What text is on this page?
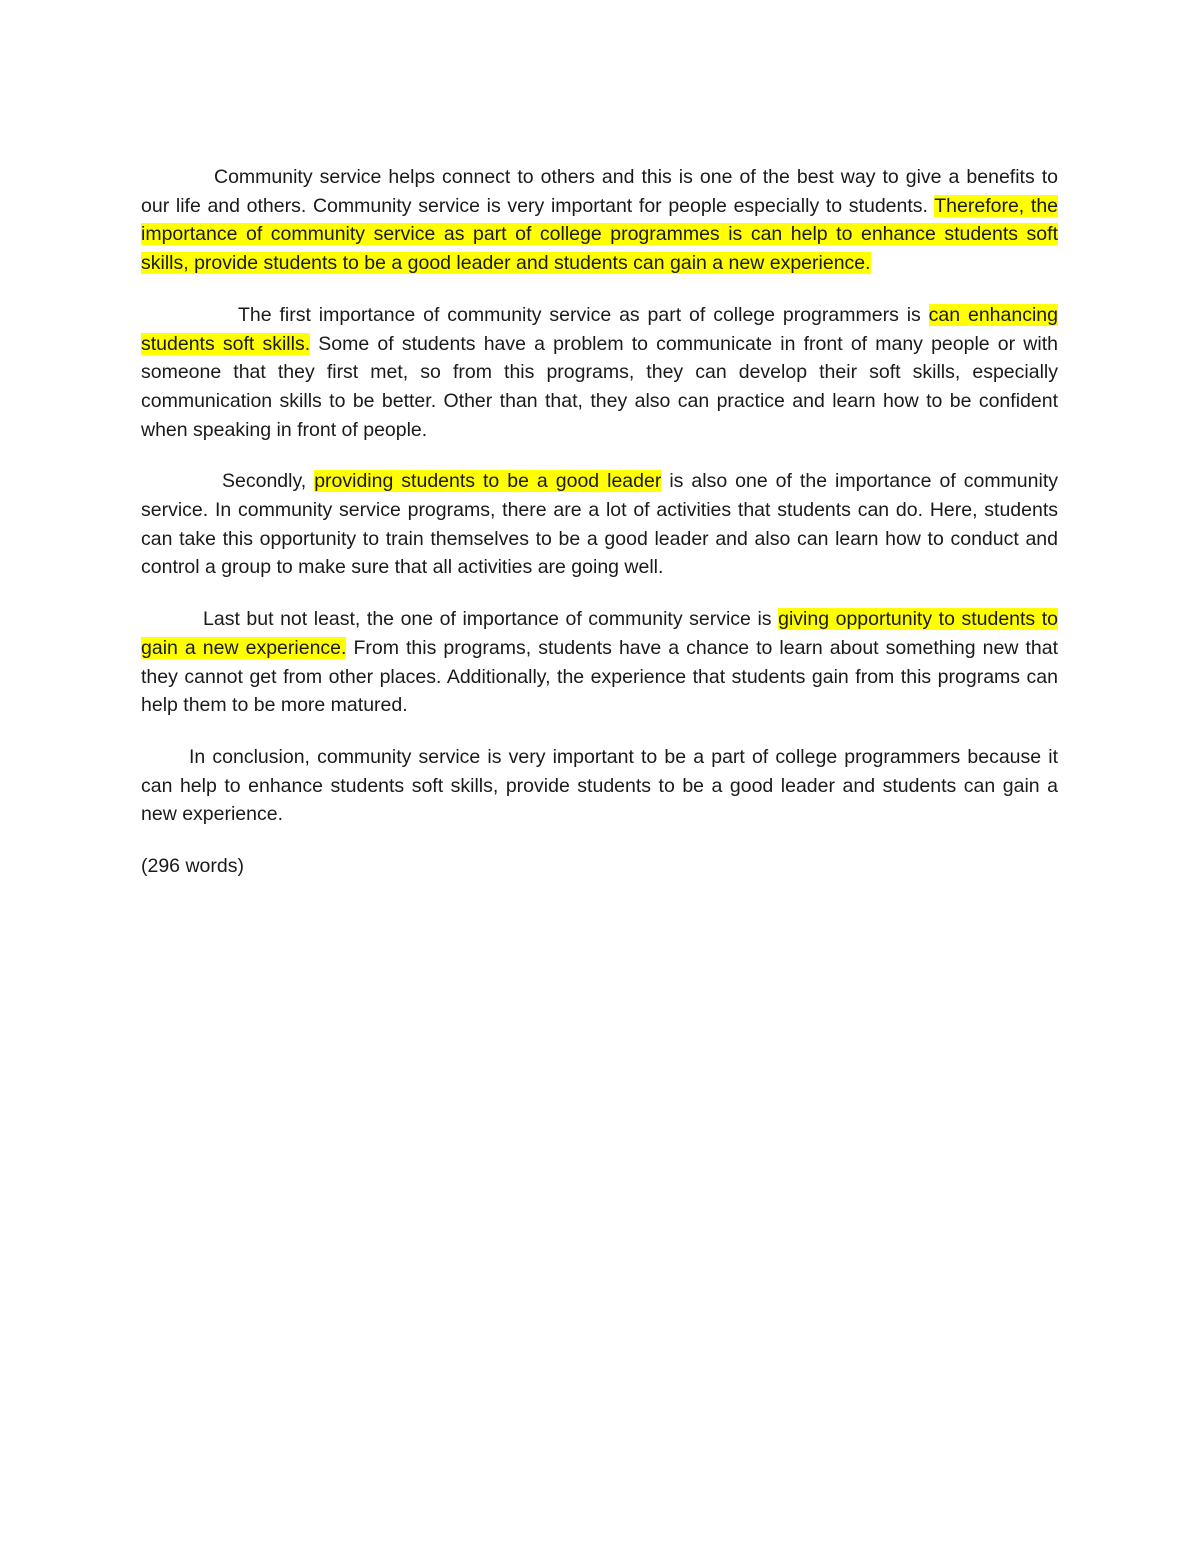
Community service helps connect to others and this is one of the best way to give a benefits to our life and others. Community service is very important for people especially to students. Therefore, the importance of community service as part of college programmes is can help to enhance students soft skills, provide students to be a good leader and students can gain a new experience.

The first importance of community service as part of college programmers is can enhancing students soft skills. Some of students have a problem to communicate in front of many people or with someone that they first met, so from this programs, they can develop their soft skills, especially communication skills to be better. Other than that, they also can practice and learn how to be confident when speaking in front of people.

Secondly, providing students to be a good leader is also one of the importance of community service. In community service programs, there are a lot of activities that students can do. Here, students can take this opportunity to train themselves to be a good leader and also can learn how to conduct and control a group to make sure that all activities are going well.

Last but not least, the one of importance of community service is giving opportunity to students to gain a new experience. From this programs, students have a chance to learn about something new that they cannot get from other places. Additionally, the experience that students gain from this programs can help them to be more matured.

In conclusion, community service is very important to be a part of college programmers because it can help to enhance students soft skills, provide students to be a good leader and students can gain a new experience.

(296 words)
